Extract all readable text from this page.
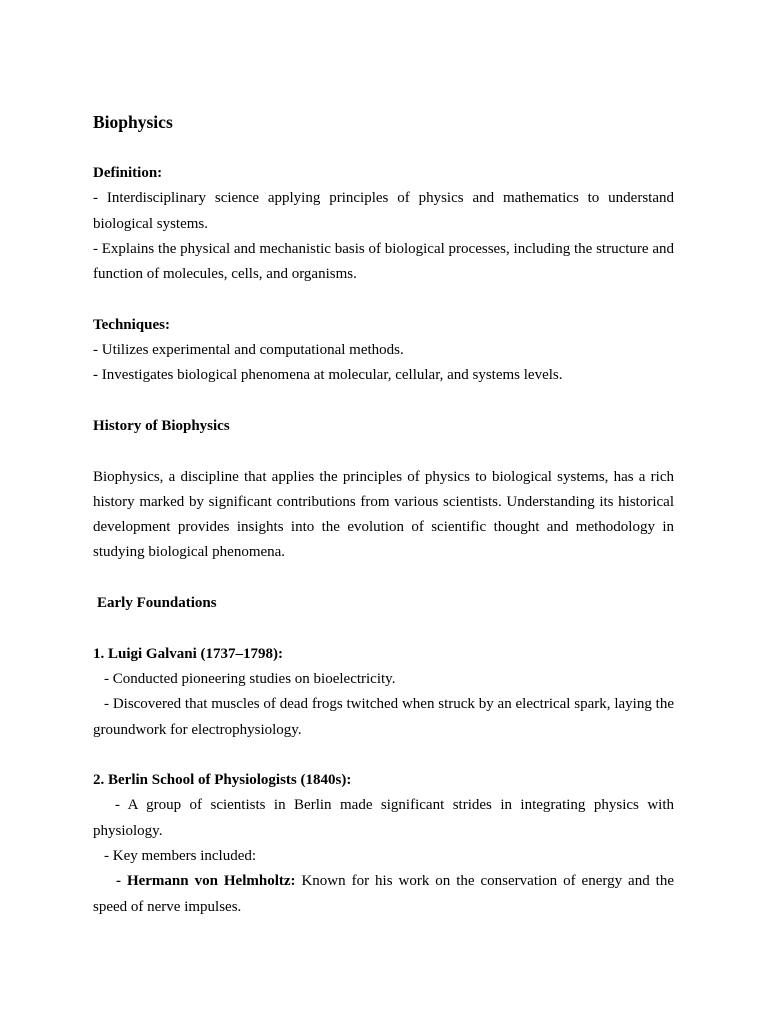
Biophysics
Definition:
- Interdisciplinary science applying principles of physics and mathematics to understand biological systems.
- Explains the physical and mechanistic basis of biological processes, including the structure and function of molecules, cells, and organisms.
Techniques:
- Utilizes experimental and computational methods.
- Investigates biological phenomena at molecular, cellular, and systems levels.
History of Biophysics
Biophysics, a discipline that applies the principles of physics to biological systems, has a rich history marked by significant contributions from various scientists. Understanding its historical development provides insights into the evolution of scientific thought and methodology in studying biological phenomena.
Early Foundations
1. Luigi Galvani (1737–1798):
- Conducted pioneering studies on bioelectricity.
- Discovered that muscles of dead frogs twitched when struck by an electrical spark, laying the groundwork for electrophysiology.
2. Berlin School of Physiologists (1840s):
- A group of scientists in Berlin made significant strides in integrating physics with physiology.
- Key members included:
- Hermann von Helmholtz: Known for his work on the conservation of energy and the speed of nerve impulses.
